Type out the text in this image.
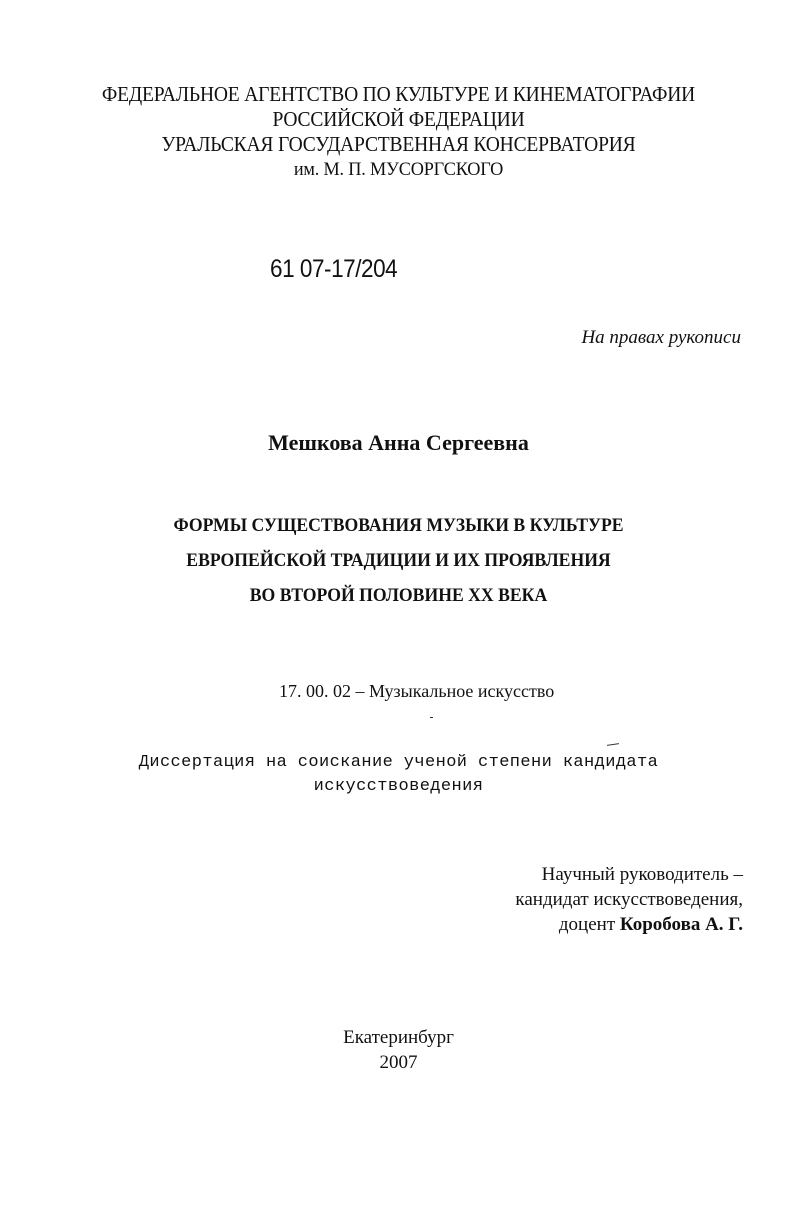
ФЕДЕРАЛЬНОЕ АГЕНТСТВО ПО КУЛЬТУРЕ И КИНЕМАТОГРАФИИ
РОССИЙСКОЙ ФЕДЕРАЦИИ
УРАЛЬСКАЯ ГОСУДАРСТВЕННАЯ КОНСЕРВАТОРИЯ
им. М. П. МУСОРГСКОГО
61 07-17/204
На правах рукописи
Мешкова Анна Сергеевна
ФОРМЫ СУЩЕСТВОВАНИЯ МУЗЫКИ В КУЛЬТУРЕ
ЕВРОПЕЙСКОЙ ТРАДИЦИИ И ИХ ПРОЯВЛЕНИЯ
ВО ВТОРОЙ ПОЛОВИНЕ XX ВЕКА
17. 00. 02 – Музыкальное искусство
Диссертация на соискание ученой степени кандидата
искусствоведения
Научный руководитель –
кандидат искусствоведения,
доцент Коробова А. Г.
Екатеринбург
2007
